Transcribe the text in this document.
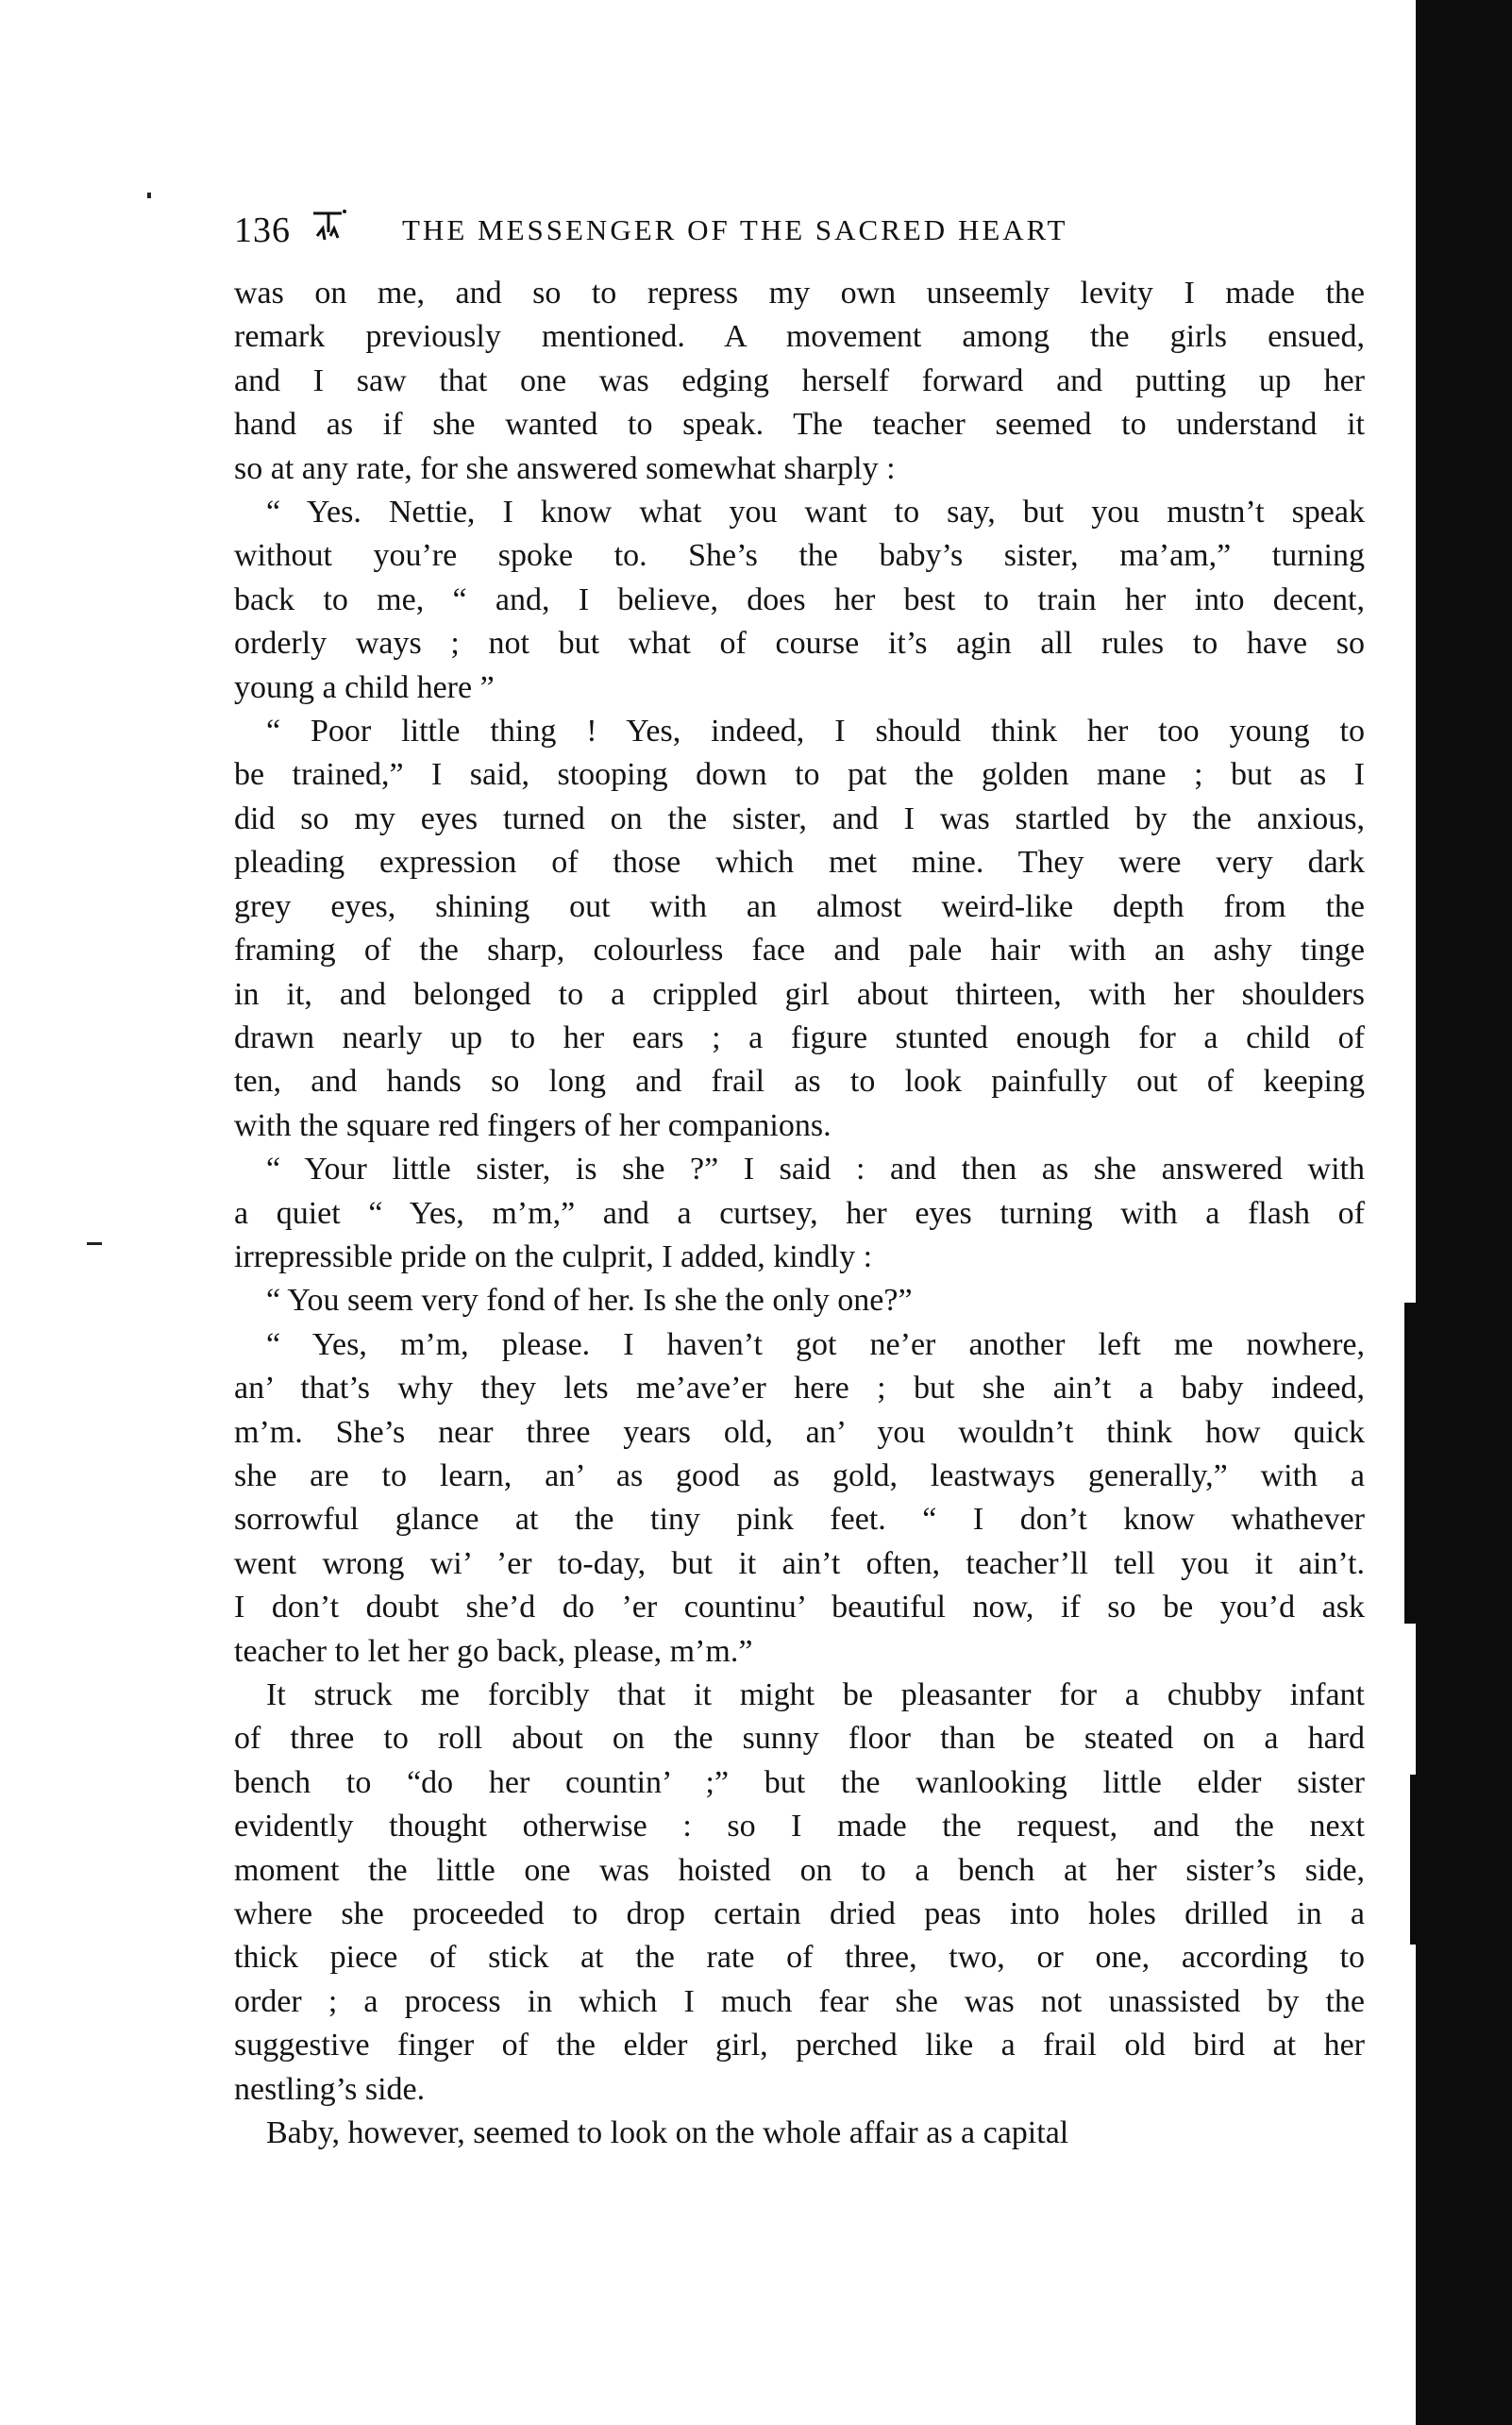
136	THE MESSENGER OF THE SACRED HEART
was on me, and so to repress my own unseemly levity I made the
remark previously mentioned. A movement among the girls ensued,
and I saw that one was edging herself forward and putting up her
hand as if she wanted to speak. The teacher seemed to understand it
so at any rate, for she answered somewhat sharply :
“ Yes. Nettie, I know what you want to say, but you mustn’t speak
without you’re spoke to. She’s the baby’s sister, ma’am,” turning
back to me, “ and, I believe, does her best to train her into decent,
orderly ways ; not but what of course it’s agin all rules to have so
young a child here ”
“ Poor little thing ! Yes, indeed, I should think her too young to
be trained,” I said, stooping down to pat the golden mane ; but as I
did so my eyes turned on the sister, and I was startled by the anxious,
pleading expression of those which met mine. They were very dark
grey eyes, shining out with an almost weird-like depth from the
framing of the sharp, colourless face and pale hair with an ashy tinge
in it, and belonged to a crippled girl about thirteen, with her shoulders
drawn nearly up to her ears ; a figure stunted enough for a child of
ten, and hands so long and frail as to look painfully out of keeping
with the square red fingers of her companions.
“ Your little sister, is she ?” I said : and then as she answered with
a quiet “ Yes, m’m,” and a curtsey, her eyes turning with a flash of
irrepressible pride on the culprit, I added, kindly :
“ You seem very fond of her. Is she the only one?”
“ Yes, m’m, please. I haven’t got ne’er another left me nowhere,
an’ that’s why they lets me’ave’er here ; but she ain’t a baby indeed,
m’m. She’s near three years old, an’ you wouldn’t think how quick
she are to learn, an’ as good as gold, leastways generally,” with a
sorrowful glance at the tiny pink feet. “ I don’t know whathever
went wrong wi’ ’er to-day, but it ain’t often, teacher’ll tell you it ain’t.
I don’t doubt she’d do ’er countinu’ beautiful now, if so be you’d ask
teacher to let her go back, please, m’m.”
It struck me forcibly that it might be pleasanter for a chubby infant
of three to roll about on the sunny floor than be steated on a hard
bench to “do her countin’ ;” but the wanlooking little elder sister
evidently thought otherwise : so I made the request, and the next
moment the little one was hoisted on to a bench at her sister’s side,
where she proceeded to drop certain dried peas into holes drilled in a
thick piece of stick at the rate of three, two, or one, according to
order ; a process in which I much fear she was not unassisted by the
suggestive finger of the elder girl, perched like a frail old bird at her
nestling’s side.
Baby, however, seemed to look on the whole affair as a capital
